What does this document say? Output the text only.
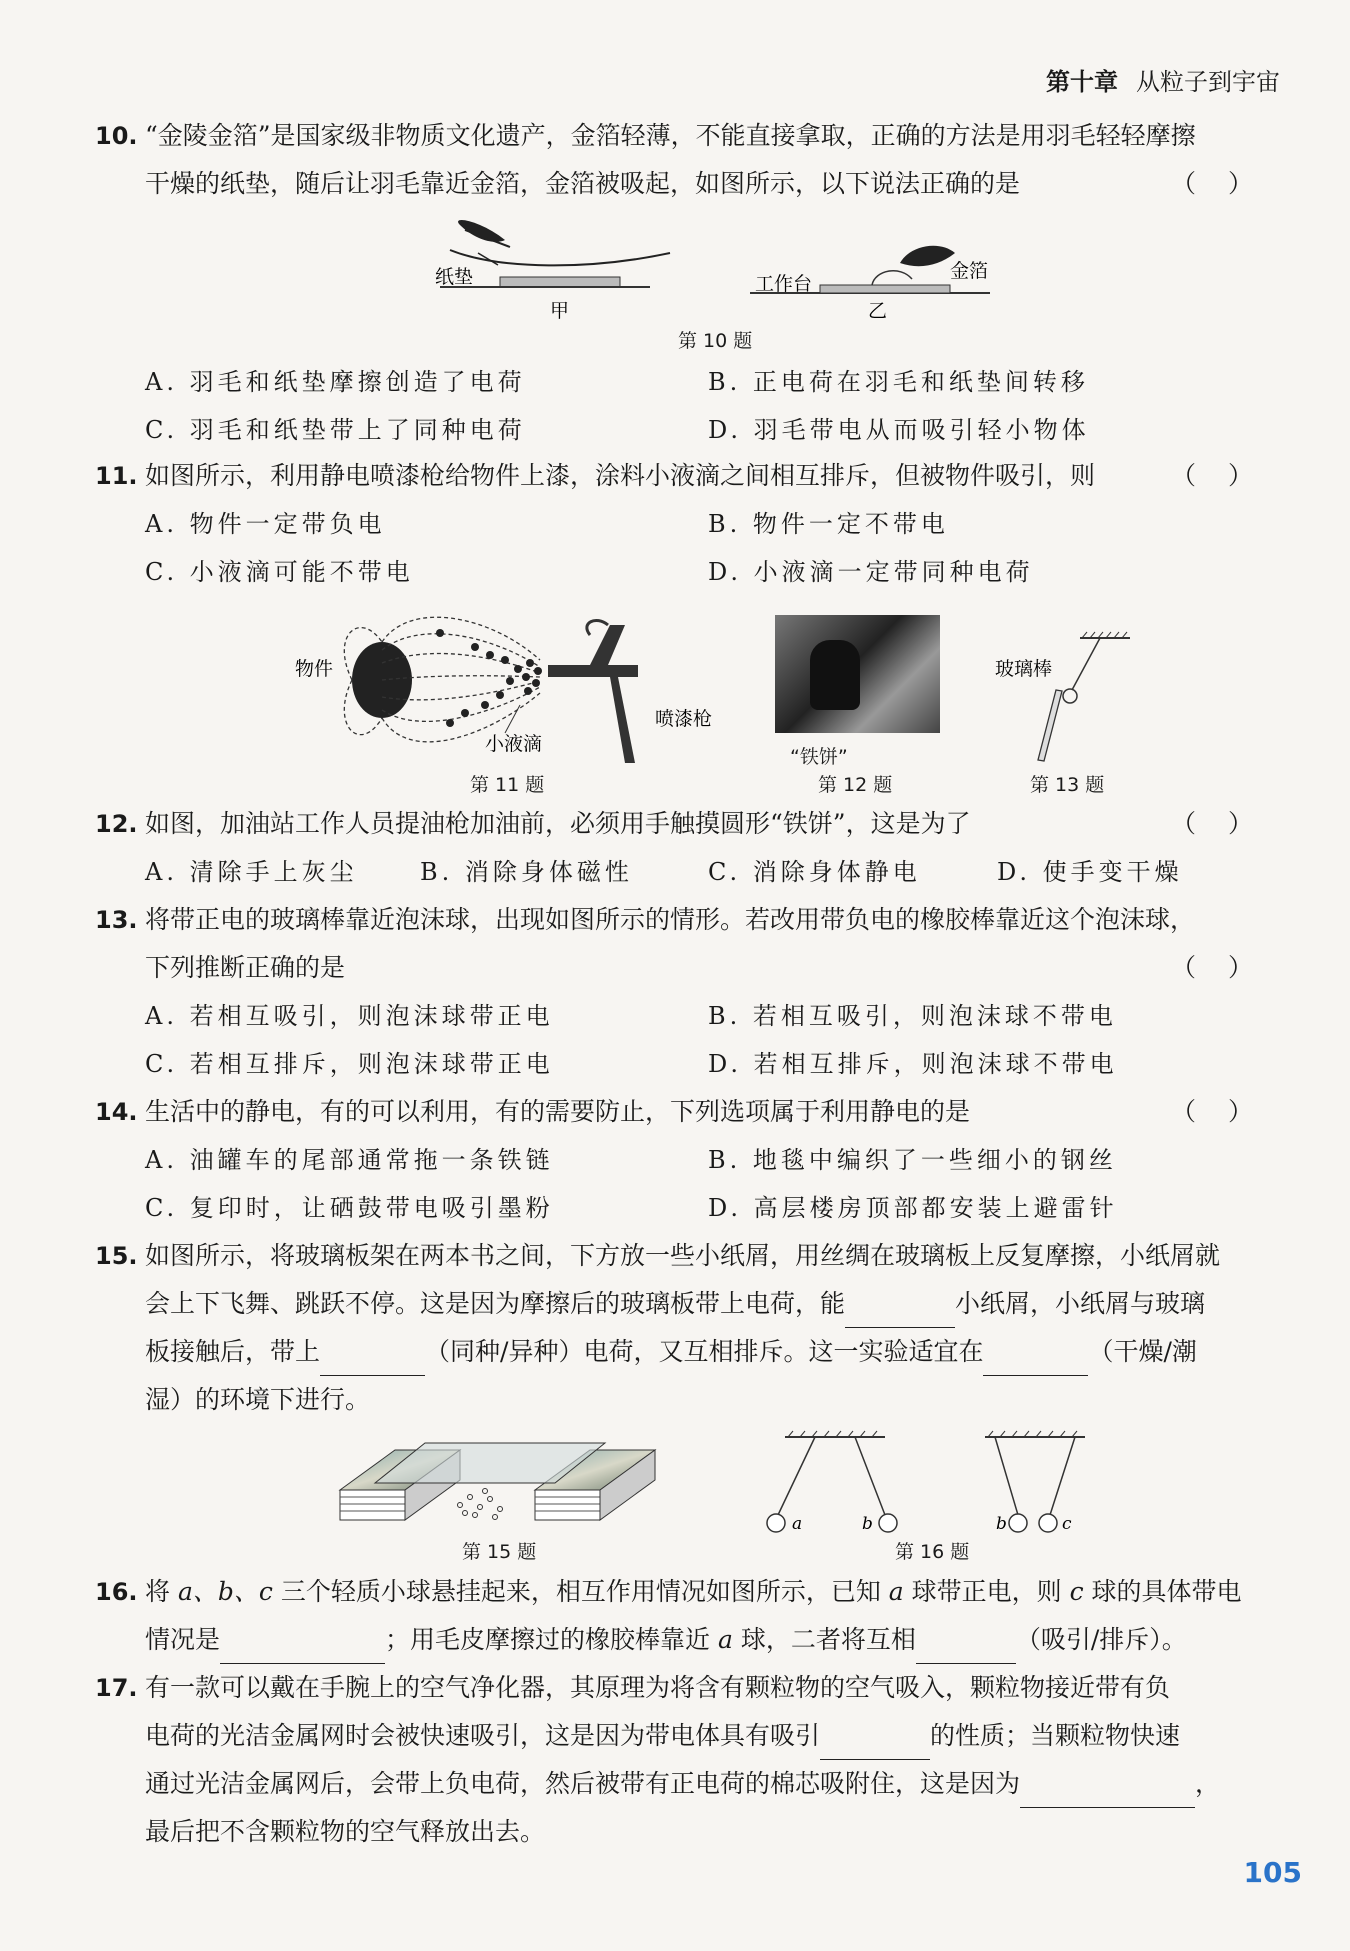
第十章 从粒子到宇宙
10. “金陵金箔”是国家级非物质文化遗产，金箔轻薄，不能直接拿取，正确的方法是用羽毛轻轻摩擦
干燥的纸垫，随后让羽毛靠近金箔，金箔被吸起，如图所示，以下说法正确的是	（）
纸垫
甲
工作台
金箔
乙
第 10 题
A. 羽毛和纸垫摩擦创造了电荷	B. 正电荷在羽毛和纸垫间转移
C. 羽毛和纸垫带上了同种电荷	D. 羽毛带电从而吸引轻小物体
11. 如图所示，利用静电喷漆枪给物件上漆，涂料小液滴之间相互排斥，但被物件吸引，则	（）
A. 物件一定带负电	B. 物件一定不带电
C. 小液滴可能不带电	D. 小液滴一定带同种电荷
物件
喷漆枪
小液滴
第 11 题
“铁饼”
第 12 题
玻璃棒
第 13 题
12. 如图，加油站工作人员提油枪加油前，必须用手触摸圆形“铁饼”，这是为了	（）
A. 清除手上灰尘	B. 消除身体磁性	C. 消除身体静电	D. 使手变干燥
13. 将带正电的玻璃棒靠近泡沫球，出现如图所示的情形。若改用带负电的橡胶棒靠近这个泡沫球，
下列推断正确的是	（）
A. 若相互吸引，则泡沫球带正电	B. 若相互吸引，则泡沫球不带电
C. 若相互排斥，则泡沫球带正电	D. 若相互排斥，则泡沫球不带电
14. 生活中的静电，有的可以利用，有的需要防止，下列选项属于利用静电的是	（）
A. 油罐车的尾部通常拖一条铁链	B. 地毯中编织了一些细小的钢丝
C. 复印时，让硒鼓带电吸引墨粉	D. 高层楼房顶部都安装上避雷针
15. 如图所示，将玻璃板架在两本书之间，下方放一些小纸屑，用丝绸在玻璃板上反复摩擦，小纸屑就
会上下飞舞、跳跃不停。这是因为摩擦后的玻璃板带上电荷，能	小纸屑，小纸屑与玻璃
板接触后，带上	（同种/异种）电荷，又互相排斥。这一实验适宜在	（干燥/潮
湿）的环境下进行。
第 15 题
a	b	b	c
第 16 题
16. 将 a、b、c 三个轻质小球悬挂起来，相互作用情况如图所示，已知 a 球带正电，则 c 球的具体带电
情况是	；用毛皮摩擦过的橡胶棒靠近 a 球，二者将互相	（吸引/排斥）。
17. 有一款可以戴在手腕上的空气净化器，其原理为将含有颗粒物的空气吸入，颗粒物接近带有负
电荷的光洁金属网时会被快速吸引，这是因为带电体具有吸引	的性质；当颗粒物快速
通过光洁金属网后，会带上负电荷，然后被带有正电荷的棉芯吸附住，这是因为	，
最后把不含颗粒物的空气释放出去。
105
